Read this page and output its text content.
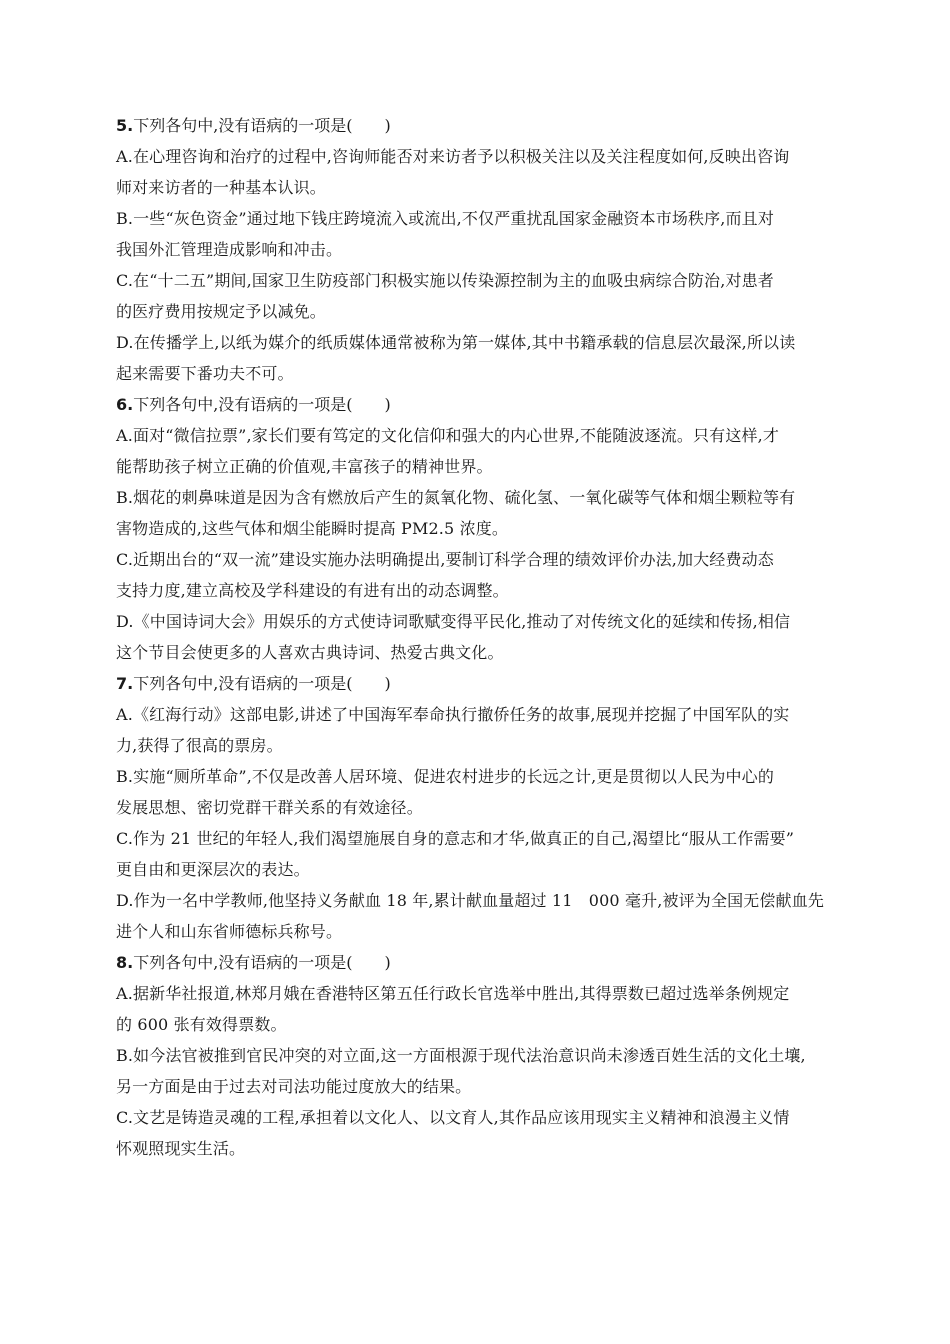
5.下列各句中,没有语病的一项是(　　)
A.在心理咨询和治疗的过程中,咨询师能否对来访者予以积极关注以及关注程度如何,反映出咨询
师对来访者的一种基本认识。
B.一些“灰色资金”通过地下钱庄跨境流入或流出,不仅严重扰乱国家金融资本市场秩序,而且对
我国外汇管理造成影响和冲击。
C.在“十二五”期间,国家卫生防疫部门积极实施以传染源控制为主的血吸虫病综合防治,对患者
的医疗费用按规定予以减免。
D.在传播学上,以纸为媒介的纸质媒体通常被称为第一媒体,其中书籍承载的信息层次最深,所以读
起来需要下番功夫不可。
6.下列各句中,没有语病的一项是(　　)
A.面对“微信拉票”,家长们要有笃定的文化信仰和强大的内心世界,不能随波逐流。只有这样,才
能帮助孩子树立正确的价值观,丰富孩子的精神世界。
B.烟花的刺鼻味道是因为含有燃放后产生的氮氧化物、硫化氢、一氧化碳等气体和烟尘颗粒等有
害物造成的,这些气体和烟尘能瞬时提高 PM2.5 浓度。
C.近期出台的“双一流”建设实施办法明确提出,要制订科学合理的绩效评价办法,加大经费动态
支持力度,建立高校及学科建设的有进有出的动态调整。
D.《中国诗词大会》用娱乐的方式使诗词歌赋变得平民化,推动了对传统文化的延续和传扬,相信
这个节目会使更多的人喜欢古典诗词、热爱古典文化。
7.下列各句中,没有语病的一项是(　　)
A.《红海行动》这部电影,讲述了中国海军奉命执行撤侨任务的故事,展现并挖掘了中国军队的实
力,获得了很高的票房。
B.实施“厕所革命”,不仅是改善人居环境、促进农村进步的长远之计,更是贯彻以人民为中心的
发展思想、密切党群干群关系的有效途径。
C.作为 21 世纪的年轻人,我们渴望施展自身的意志和才华,做真正的自己,渴望比“服从工作需要”
更自由和更深层次的表达。
D.作为一名中学教师,他坚持义务献血 18 年,累计献血量超过 11　000 毫升,被评为全国无偿献血先
进个人和山东省师德标兵称号。
8.下列各句中,没有语病的一项是(　　)
A.据新华社报道,林郑月娥在香港特区第五任行政长官选举中胜出,其得票数已超过选举条例规定
的 600 张有效得票数。
B.如今法官被推到官民冲突的对立面,这一方面根源于现代法治意识尚未渗透百姓生活的文化土壤,
另一方面是由于过去对司法功能过度放大的结果。
C.文艺是铸造灵魂的工程,承担着以文化人、以文育人,其作品应该用现实主义精神和浪漫主义情
怀观照现实生活。
